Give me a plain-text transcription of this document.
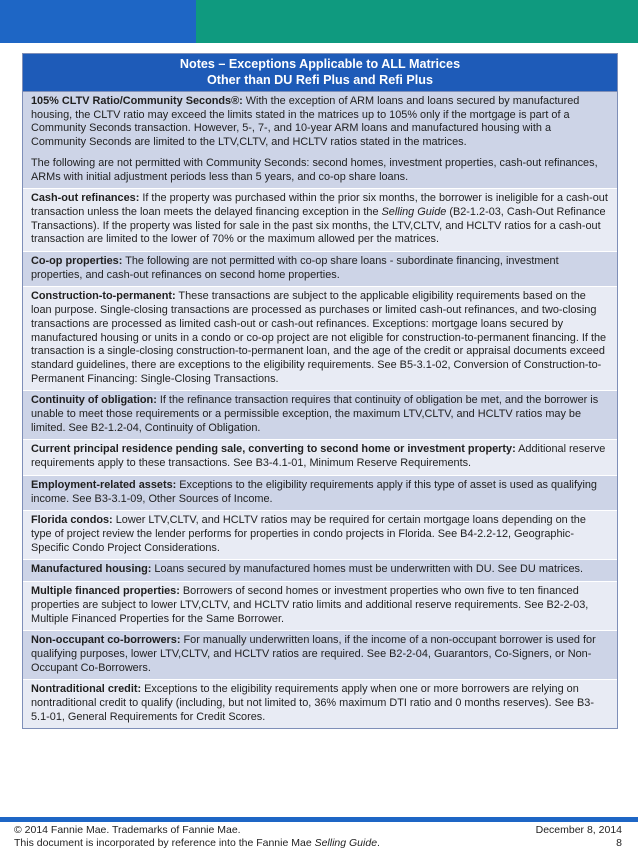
Notes – Exceptions Applicable to ALL Matrices
Other than DU Refi Plus and Refi Plus

105% CLTV Ratio/Community Seconds®: With the exception of ARM loans and loans secured by manufactured housing, the CLTV ratio may exceed the limits stated in the matrices up to 105% only if the mortgage is part of a Community Seconds transaction. However, 5-, 7-, and 10-year ARM loans and manufactured housing with a Community Seconds are limited to the LTV,CLTV, and HCLTV ratios stated in the matrices.

The following are not permitted with Community Seconds: second homes, investment properties, cash-out refinances, ARMs with initial adjustment periods less than 5 years, and co-op share loans.

Cash-out refinances: If the property was purchased within the prior six months, the borrower is ineligible for a cash-out transaction unless the loan meets the delayed financing exception in the Selling Guide (B2-1.2-03, Cash-Out Refinance Transactions). If the property was listed for sale in the past six months, the LTV,CLTV, and HCLTV ratios for a cash-out transaction are limited to the lower of 70% or the maximum allowed per the matrices.

Co-op properties: The following are not permitted with co-op share loans - subordinate financing, investment properties, and cash-out refinances on second home properties.

Construction-to-permanent: These transactions are subject to the applicable eligibility requirements based on the loan purpose. Single-closing transactions are processed as purchases or limited cash-out refinances, and two-closing transactions are processed as limited cash-out or cash-out refinances. Exceptions: mortgage loans secured by manufactured housing or units in a condo or co-op project are not eligible for construction-to-permanent financing. If the transaction is a single-closing construction-to-permanent loan, and the age of the credit or appraisal documents exceed standard guidelines, there are exceptions to the eligibility requirements. See B5-3.1-02, Conversion of Construction-to-Permanent Financing: Single-Closing Transactions.

Continuity of obligation: If the refinance transaction requires that continuity of obligation be met, and the borrower is unable to meet those requirements or a permissible exception, the maximum LTV,CLTV, and HCLTV ratios may be limited. See B2-1.2-04, Continuity of Obligation.

Current principal residence pending sale, converting to second home or investment property: Additional reserve requirements apply to these transactions. See B3-4.1-01, Minimum Reserve Requirements.

Employment-related assets: Exceptions to the eligibility requirements apply if this type of asset is used as qualifying income. See B3-3.1-09, Other Sources of Income.

Florida condos: Lower LTV,CLTV, and HCLTV ratios may be required for certain mortgage loans depending on the type of project review the lender performs for properties in condo projects in Florida. See B4-2.2-12, Geographic-Specific Condo Project Considerations.

Manufactured housing: Loans secured by manufactured homes must be underwritten with DU. See DU matrices.

Multiple financed properties: Borrowers of second homes or investment properties who own five to ten financed properties are subject to lower LTV,CLTV, and HCLTV ratio limits and additional reserve requirements. See B2-2-03, Multiple Financed Properties for the Same Borrower.

Non-occupant co-borrowers: For manually underwritten loans, if the income of a non-occupant borrower is used for qualifying purposes, lower LTV,CLTV, and HCLTV ratios are required. See B2-2-04, Guarantors, Co-Signers, or Non-Occupant Co-Borrowers.

Nontraditional credit: Exceptions to the eligibility requirements apply when one or more borrowers are relying on nontraditional credit to qualify (including, but not limited to, 36% maximum DTI ratio and 0 months reserves). See B3-5.1-01, General Requirements for Credit Scores.

© 2014 Fannie Mae. Trademarks of Fannie Mae.	December 8, 2014
This document is incorporated by reference into the Fannie Mae Selling Guide.	8
